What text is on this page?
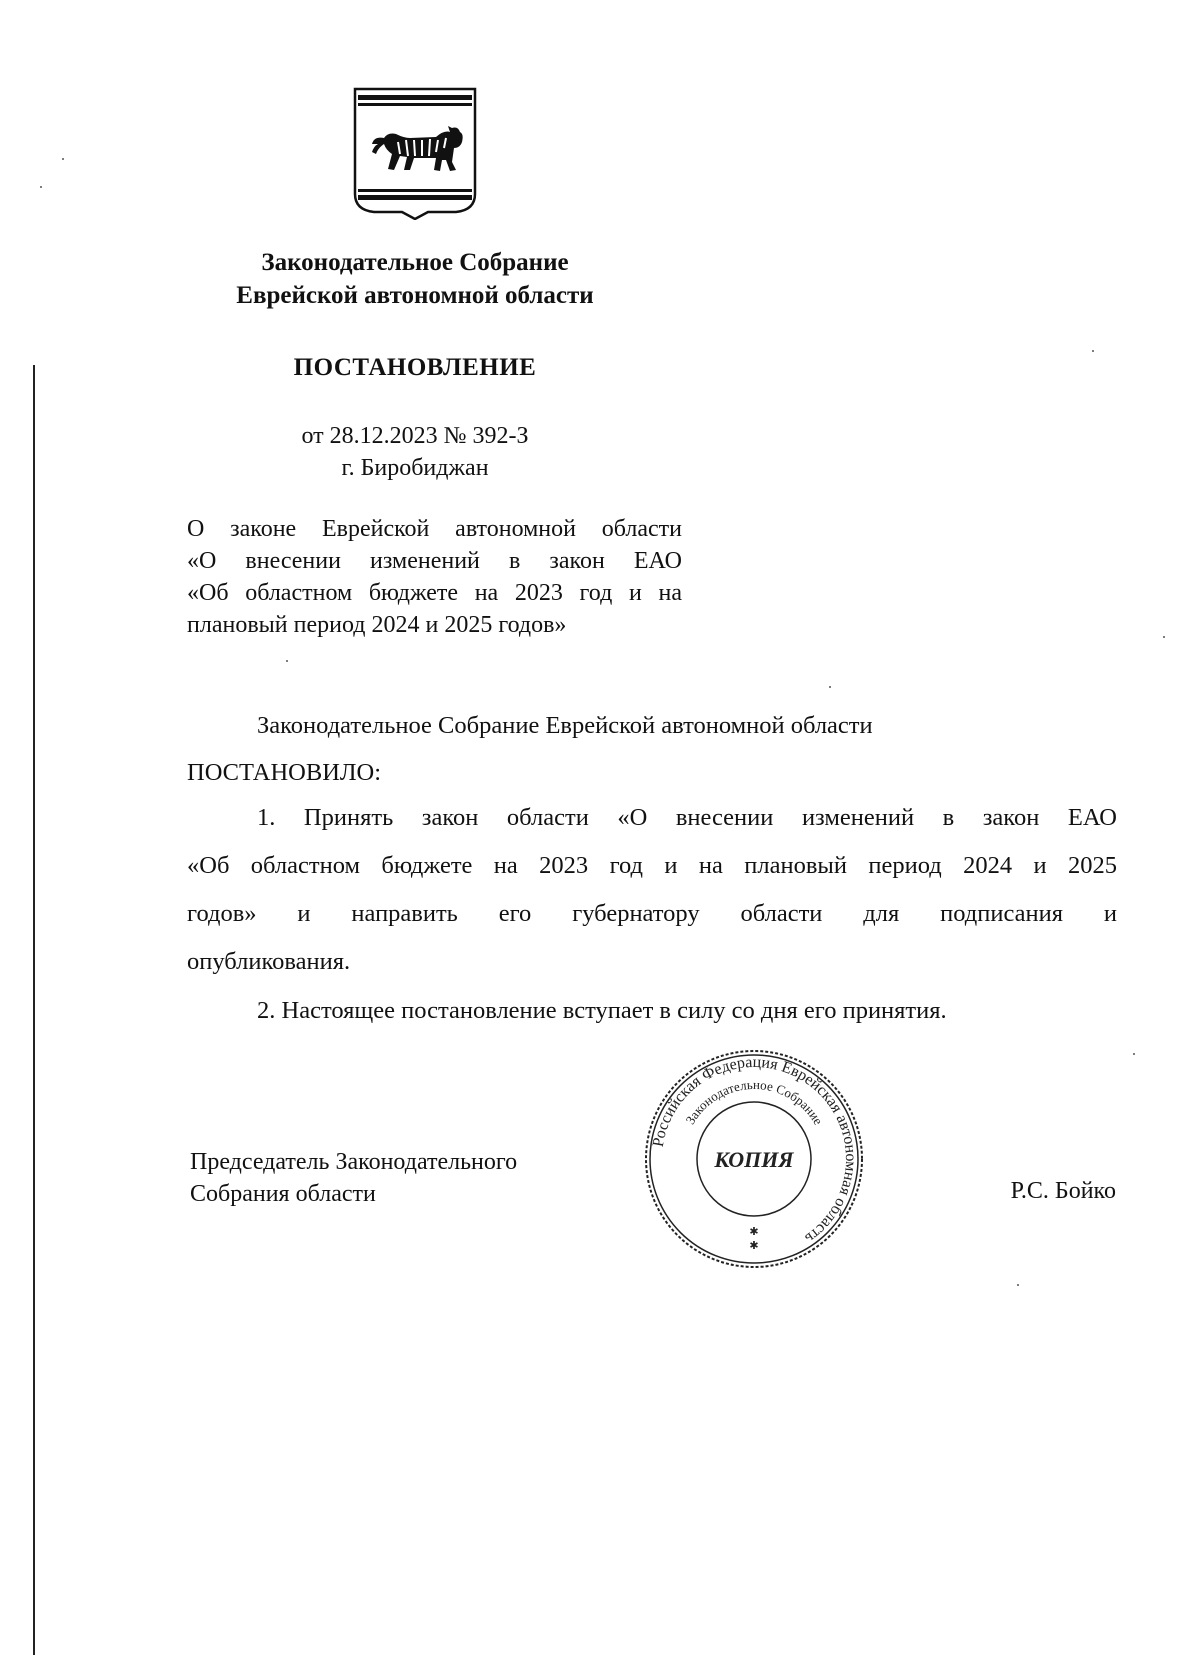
Законодательное Собрание
Еврейской автономной области
ПОСТАНОВЛЕНИЕ
от 28.12.2023 № 392-З
г. Биробиджан
О законе Еврейской автономной области
«О внесении изменений в закон ЕАО
«Об областном бюджете на 2023 год и на
плановый период 2024 и 2025 годов»
Законодательное Собрание Еврейской автономной области
ПОСТАНОВИЛО:
1. Принять закон области «О внесении изменений в закон ЕАО
«Об областном бюджете на 2023 год и на плановый период 2024 и 2025
годов» и направить его губернатору области для подписания и
опубликования.
2. Настоящее постановление вступает в силу со дня его принятия.
Председатель Законодательного
Собрания области	Р.С. Бойко
Российская Федерация Еврейская автономная область
Законодательное Собрание
КОПИЯ
✱
✱
